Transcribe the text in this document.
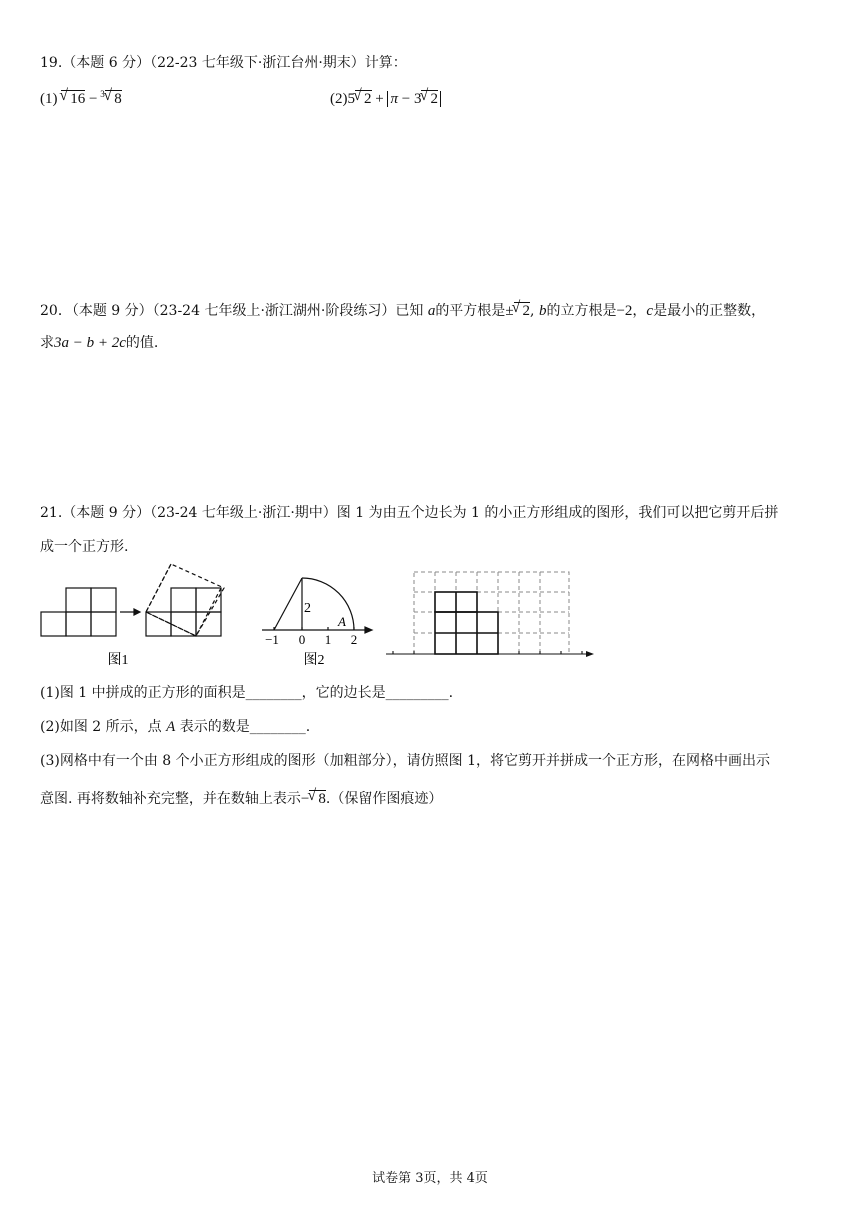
19.（本题 6 分）（22-23 七年级下·浙江台州·期末）计算：
(1) √ 16 − √ 3 8	(2)5 √ 2 + π − 3 √ 2
20．（本题 9 分）（23-24 七年级上·浙江湖州·阶段练习）已知 a的平方根是± √ 2, b的立方根是−2，c是最小的正整数，
求3a − b + 2c的值.
21.（本题 9 分）（23-24 七年级上·浙江·期中）图 1 为由五个边长为 1 的小正方形组成的图形，我们可以把它剪开后拼
成一个正方形.
图1
2
A
−1 0 1 2
图2
(1)图 1 中拼成的正方形的面积是________，它的边长是_________.
(2)如图 2 所示，点 A 表示的数是________.
(3)网格中有一个由 8 个小正方形组成的图形（加粗部分），请仿照图 1，将它剪开并拼成一个正方形，在网格中画出示
意图. 再将数轴补充完整，并在数轴上表示− √ 8.（保留作图痕迹）
试卷第 3页，共 4页
